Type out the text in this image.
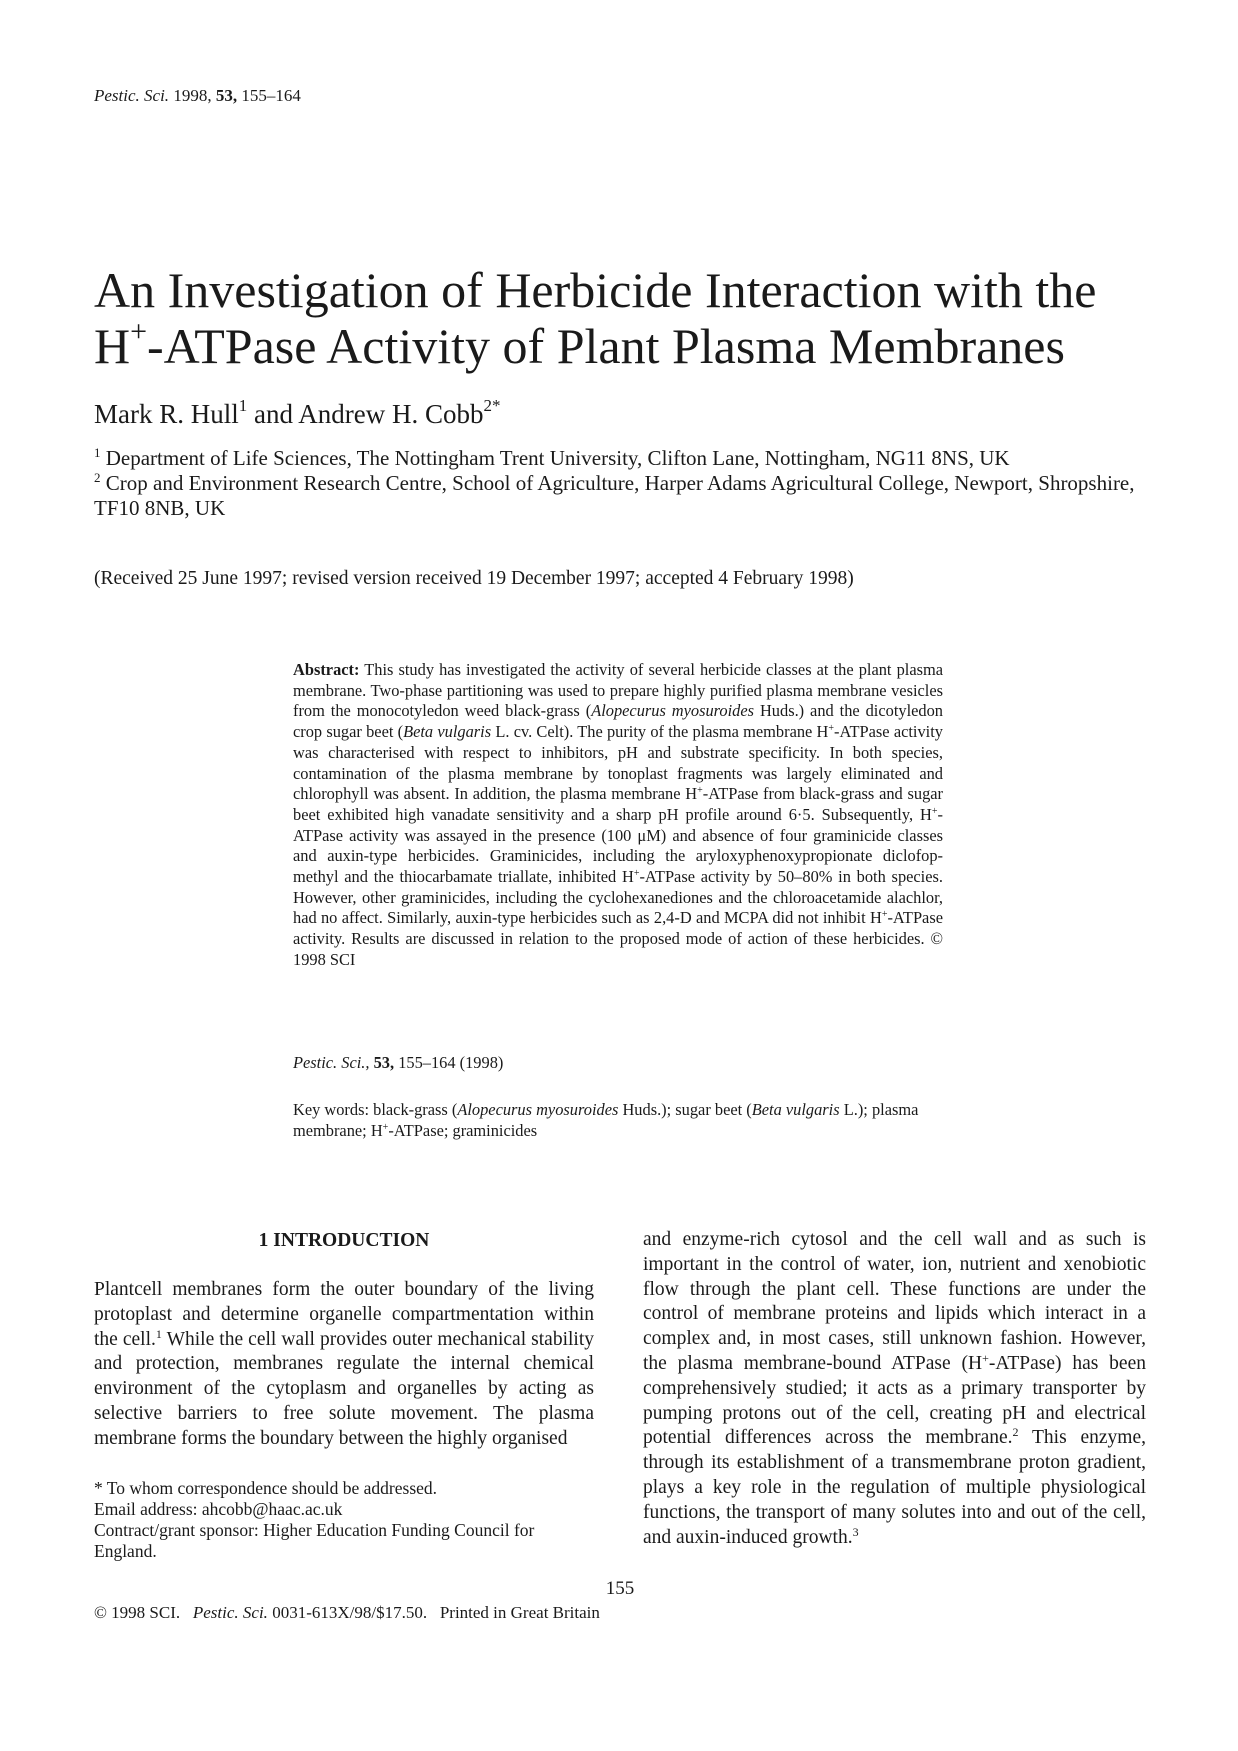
Pestic. Sci. 1998, 53, 155–164
An Investigation of Herbicide Interaction with the
H+-ATPase Activity of Plant Plasma Membranes
Mark R. Hull$^1$ and Andrew H. Cobb$^{2*}$

$^1$ Department of Life Sciences, The Nottingham Trent University, Clifton Lane, Nottingham, NG11 8NS, UK

$^2$ Crop and Environment Research Centre, School of Agriculture, Harper Adams Agricultural College, Newport, Shropshire, TF10 8NB, UK

(Received 25 June 1997; revised version received 19 December 1997; accepted 4 February 1998)
Abstract: This study has investigated the activity of several herbicide classes at the plant plasma membrane. Two-phase partitioning was used to prepare highly purified plasma membrane vesicles from the monocotyledon weed black-grass (Alopecurus myosuroides Huds.) and the dicotyledon crop sugar beet (Beta vulgaris L. cv. Celt). The purity of the plasma membrane H+-ATPase activity was characterised with respect to inhibitors, pH and substrate specificity. In both species, contamination of the plasma membrane by tonoplast fragments was largely eliminated and chlorophyll was absent. In addition, the plasma membrane H+-ATPase from black-grass and sugar beet exhibited high vanadate sensitivity and a sharp pH profile around 6·5. Subsequently, H+-ATPase activity was assayed in the presence (100 μM) and absence of four graminicide classes and auxin-type herbicides. Graminicides, including the aryloxyphenoxypropionate diclofop-methyl and the thiocarbamate triallate, inhibited H+-ATPase activity by 50–80% in both species. However, other graminicides, including the cyclohexanediones and the chloroacetamide alachlor, had no affect. Similarly, auxin-type herbicides such as 2,4-D and MCPA did not inhibit H+-ATPase activity. Results are discussed in relation to the proposed mode of action of these herbicides. © 1998 SCI
Pestic. Sci., 53, 155–164 (1998)
Key words: black-grass (Alopecurus myosuroides Huds.); sugar beet (Beta vulgaris L.); plasma membrane; H+-ATPase; graminicides
1 INTRODUCTION

Plantcell membranes form the outer boundary of the living protoplast and determine organelle compartmentation within the cell.$^1$ While the cell wall provides outer mechanical stability and protection, membranes regulate the internal chemical environment of the cytoplasm and organelles by acting as selective barriers to free solute movement. The plasma membrane forms the boundary between the highly organised

and enzyme-rich cytosol and the cell wall and as such is important in the control of water, ion, nutrient and xenobiotic flow through the plant cell. These functions are under the control of membrane proteins and lipids which interact in a complex and, in most cases, still unknown fashion. However, the plasma membrane-bound ATPase (H+-ATPase) has been comprehensively studied; it acts as a primary transporter by pumping protons out of the cell, creating pH and electrical potential differences across the membrane.$^2$ This enzyme, through its establishment of a transmembrane proton gradient, plays a key role in the regulation of multiple physiological functions, the transport of many solutes into and out of the cell, and auxin-induced growth.$^3$

* To whom correspondence should be addressed.

Email address: ahcobb@haac.ac.uk

Contract/grant sponsor: Higher Education Funding Council for England.

155
© 1998 SCI. Pestic. Sci. 0031-613X/98/$17.50. Printed in Great Britain
